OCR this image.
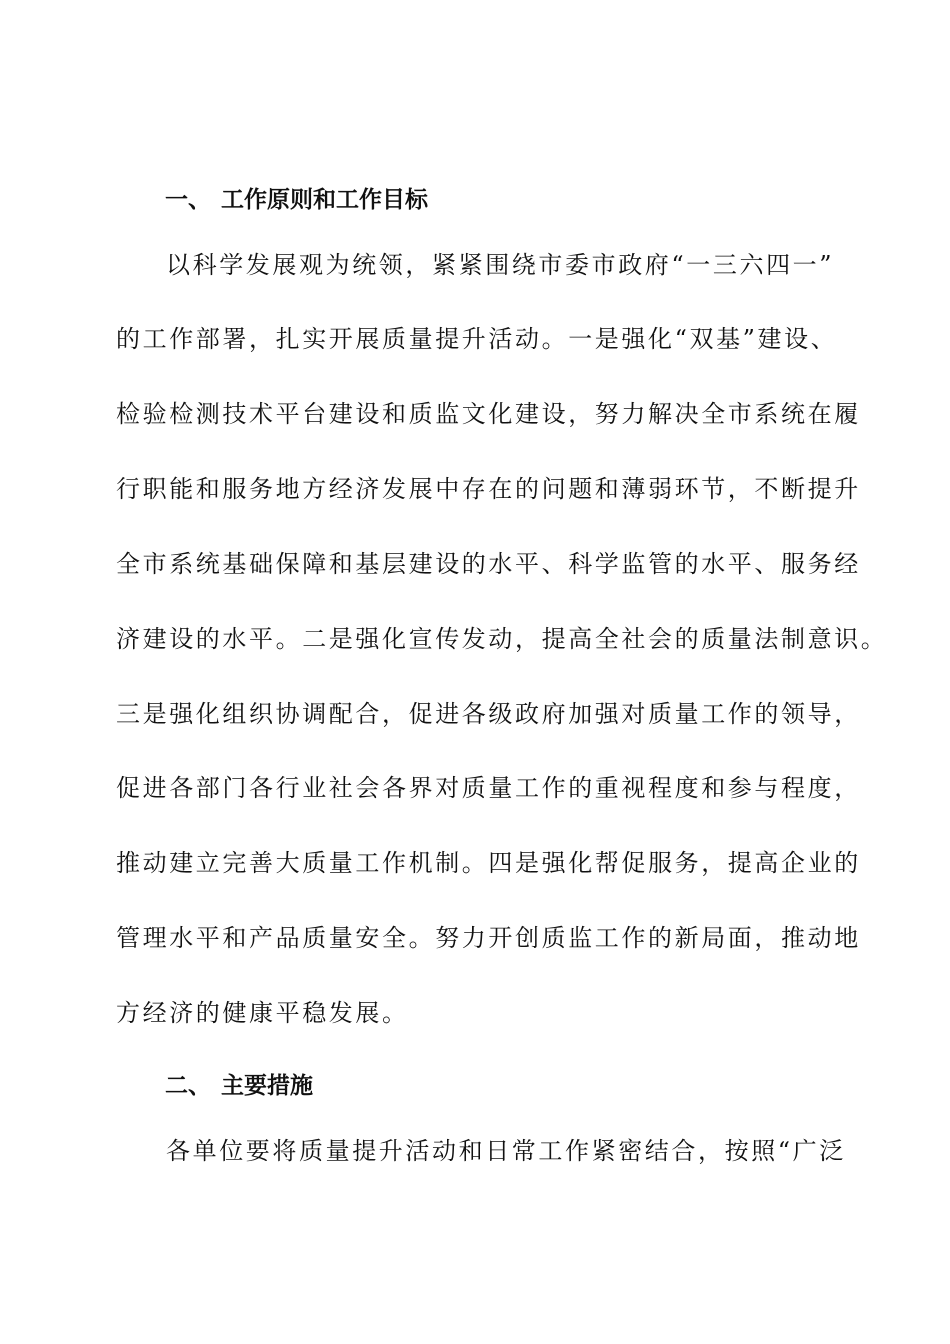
一、 工作原则和工作目标
以科学发展观为统领，紧紧围绕市委市政府“一三六四一”
的工作部署，扎实开展质量提升活动。一是强化“双基”建设、
检验检测技术平台建设和质监文化建设，努力解决全市系统在履
行职能和服务地方经济发展中存在的问题和薄弱环节，不断提升
全市系统基础保障和基层建设的水平、科学监管的水平、服务经
济建设的水平。二是强化宣传发动，提高全社会的质量法制意识。
三是强化组织协调配合，促进各级政府加强对质量工作的领导，
促进各部门各行业社会各界对质量工作的重视程度和参与程度，
推动建立完善大质量工作机制。四是强化帮促服务，提高企业的
管理水平和产品质量安全。努力开创质监工作的新局面，推动地
方经济的健康平稳发展。
二、 主要措施
各单位要将质量提升活动和日常工作紧密结合，按照“广泛
